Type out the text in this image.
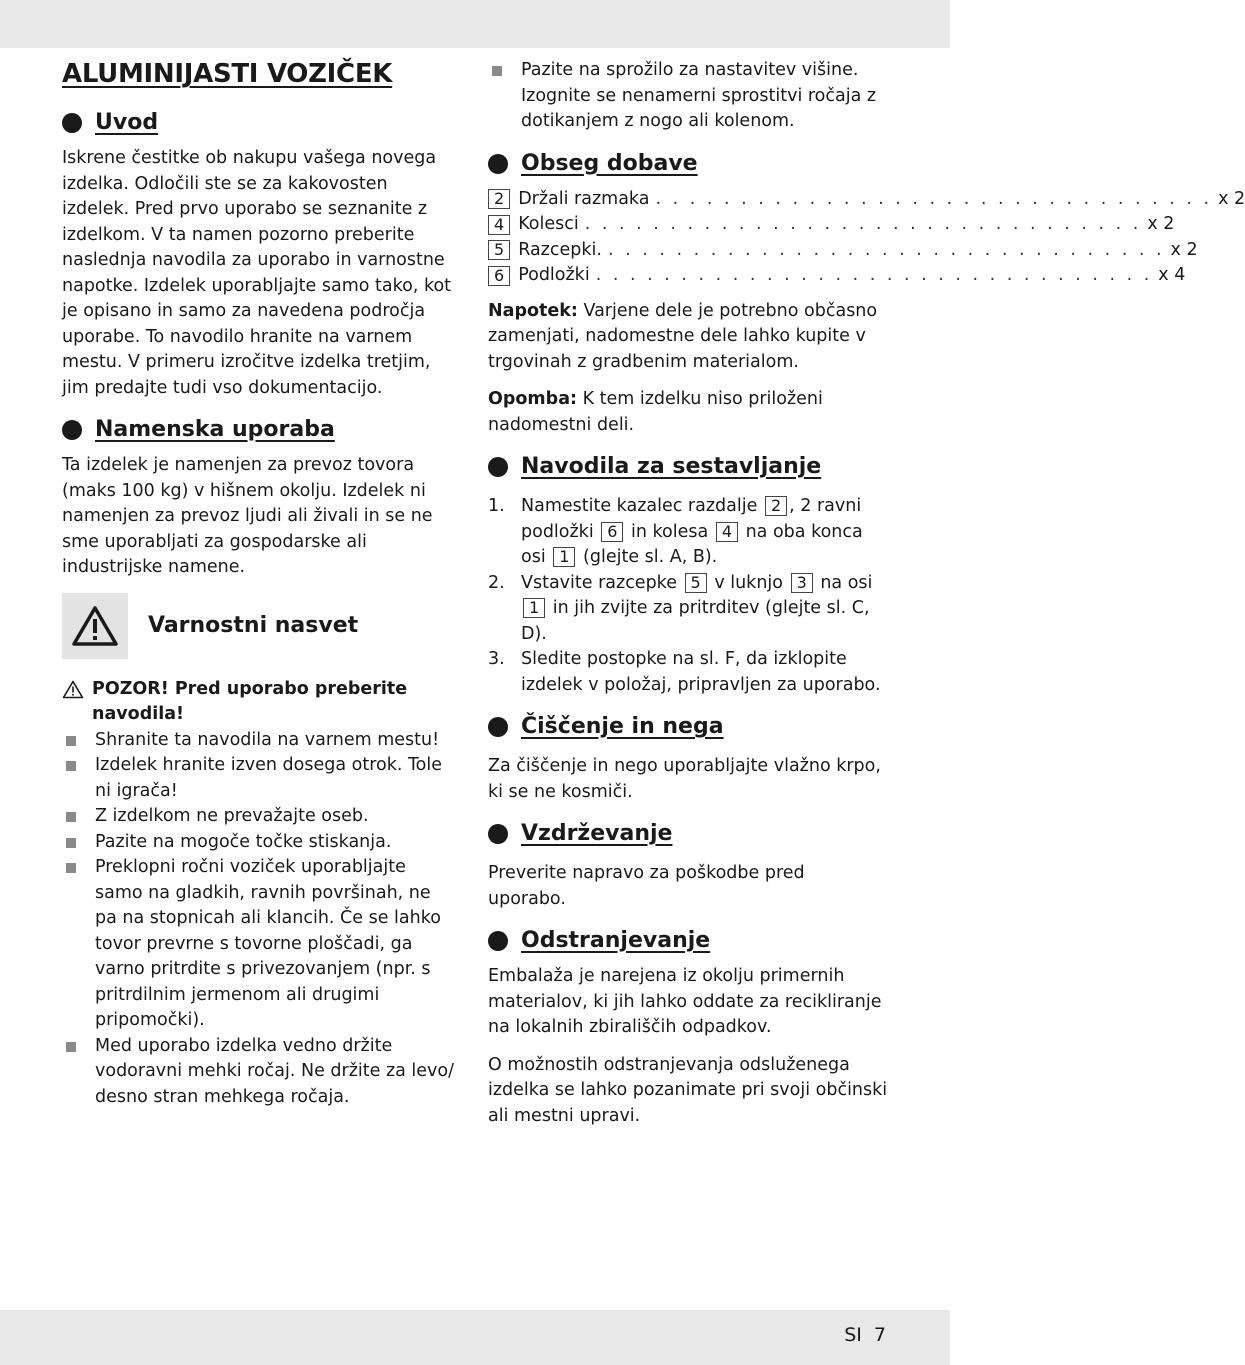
ALUMINIJASTI VOZIČEK
Uvod

Iskrene čestitke ob nakupu vašega novega izdelka. Odločili ste se za kakovosten izdelek. Pred prvo uporabo se seznanite z izdelkom. V ta namen pozorno preberite naslednja navodila za uporabo in varnostne napotke. Izdelek uporabljajte samo tako, kot je opisano in samo za navedena področja uporabe. To navodilo hranite na varnem mestu. V primeru izročitve izdelka tretjim, jim predajte tudi vso dokumentacijo.

Namenska uporaba

Ta izdelek je namenjen za prevoz tovora (maks 100 kg) v hišnem okolju. Izdelek ni namenjen za prevoz ljudi ali živali in se ne sme uporabljati za gospodarske ali industrijske namene.

Varnostni nasvet
POZOR! Pred uporabo preberite navodila!
Shranite ta navodila na varnem mestu!
Izdelek hranite izven dosega otrok. Tole ni igrača!
Z izdelkom ne prevažajte oseb.
Pazite na mogoče točke stiskanja.
Preklopni ročni voziček uporabljajte samo na gladkih, ravnih površinah, ne pa na stopnicah ali klancih. Če se lahko tovor prevrne s tovorne ploščadi, ga varno pritrdite s privezovanjem (npr. s pritrdilnim jermenom ali drugimi pripomočki).
Med uporabo izdelka vedno držite vodoravni mehki ročaj. Ne držite za levo/ desno stran mehkega ročaja.
Pazite na sprožilo za nastavitev višine. Izognite se nenamerni sprostitvi ročaja z dotikanjem z nogo ali kolenom.
Obseg dobave
2 Držali razmaka . . . . . . . . . . . . . . . . . . . . . . . . . . . . . . . . . x 2
4 Kolesci . . . . . . . . . . . . . . . . . . . . . . . . . . . . . . . . . x 2
5 Razcepki. . . . . . . . . . . . . . . . . . . . . . . . . . . . . . . . . . x 2
6 Podložki . . . . . . . . . . . . . . . . . . . . . . . . . . . . . . . . . x 4

Napotek: Varjene dele je potrebno občasno zamenjati, nadomestne dele lahko kupite v trgovinah z gradbenim materialom.

Opomba: K tem izdelku niso priloženi nadomestni deli.

Navodila za sestavljanje
1. Namestite kazalec razdalje 2 , 2 ravni podložki 6 in kolesa 4 na oba konca osi 1 (glejte sl. A, B).
2. Vstavite razcepke 5 v luknjo 3 na osi 1 in jih zvijte za pritrditev (glejte sl. C, D).
3. Sledite postopke na sl. F, da izklopite izdelek v položaj, pripravljen za uporabo.
Čiščenje in nega

Za čiščenje in nego uporabljajte vlažno krpo, ki se ne kosmiči.

Vzdrževanje

Preverite napravo za poškodbe pred uporabo.

Odstranjevanje

Embalaža je narejena iz okolju primernih materialov, ki jih lahko oddate za recikliranje na lokalnih zbirališčih odpadkov.

O možnostih odstranjevanja odsluženega izdelka se lahko pozanimate pri svoji občinski ali mestni upravi.

SI 7
